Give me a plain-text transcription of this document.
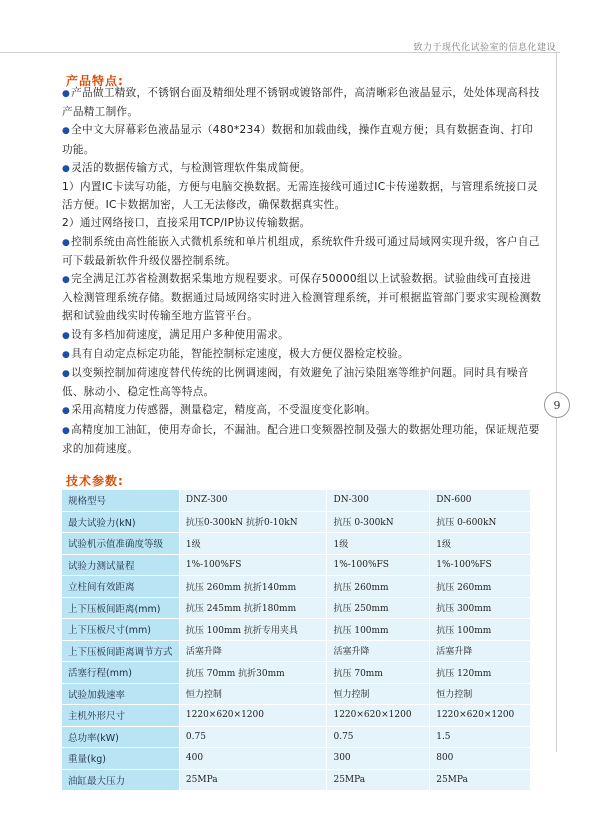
致力于现代化试验室的信息化建设
9
产品特点:

●产品做工精致，不锈钢台面及精细处理不锈钢或镀铬部件，高清晰彩色液晶显示，处处体现高科技产品精工制作。

●全中文大屏幕彩色液晶显示（480*234）数据和加载曲线，操作直观方便；具有数据查询、打印功能。

●灵活的数据传输方式，与检测管理软件集成简便。

1）内置IC卡读写功能，方便与电脑交换数据。无需连接线可通过IC卡传递数据，与管理系统接口灵活方便。IC卡数据加密，人工无法修改，确保数据真实性。

2）通过网络接口，直接采用TCP/IP协议传输数据。

●控制系统由高性能嵌入式微机系统和单片机组成，系统软件升级可通过局域网实现升级，客户自己可下载最新软件升级仪器控制系统。

●完全满足江苏省检测数据采集地方规程要求。可保存50000组以上试验数据。试验曲线可直接进入检测管理系统存储。数据通过局域网络实时进入检测管理系统，并可根据监管部门要求实现检测数据和试验曲线实时传输至地方监管平台。

●设有多档加荷速度，满足用户多种使用需求。

●具有自动定点标定功能，智能控制标定速度，极大方便仪器检定校验。

●以变频控制加荷速度替代传统的比例调速阀，有效避免了油污染阻塞等维护问题。同时具有噪音低、脉动小、稳定性高等特点。

●采用高精度力传感器，测量稳定，精度高，不受温度变化影响。

●高精度加工油缸，使用寿命长，不漏油。配合进口变频器控制及强大的数据处理功能，保证规范要求的加荷速度。

技术参数:
规格型号	DNZ-300	DN-300	DN-600
最大试验力(kN)	抗压0-300kN 抗折0-10kN	抗压 0-300kN	抗压 0-600kN
试验机示值准确度等级	1级	1级	1级
试验力测试量程	1%-100%FS	1%-100%FS	1%-100%FS
立柱间有效距离	抗压 260mm 抗折140mm	抗压 260mm	抗压 260mm
上下压板间距离(mm)	抗压 245mm 抗折180mm	抗压 250mm	抗压 300mm
上下压板尺寸(mm)	抗压 100mm 抗折专用夹具	抗压 100mm	抗压 100mm
上下压板间距离调节方式	活塞升降	活塞升降	活塞升降
活塞行程(mm)	抗压 70mm 抗折30mm	抗压 70mm	抗压 120mm
试验加载速率	恒力控制	恒力控制	恒力控制
主机外形尺寸	1220×620×1200	1220×620×1200	1220×620×1200
总功率(kW)	0.75	0.75	1.5
重量(kg)	400	300	800
油缸最大压力	25MPa	25MPa	25MPa
